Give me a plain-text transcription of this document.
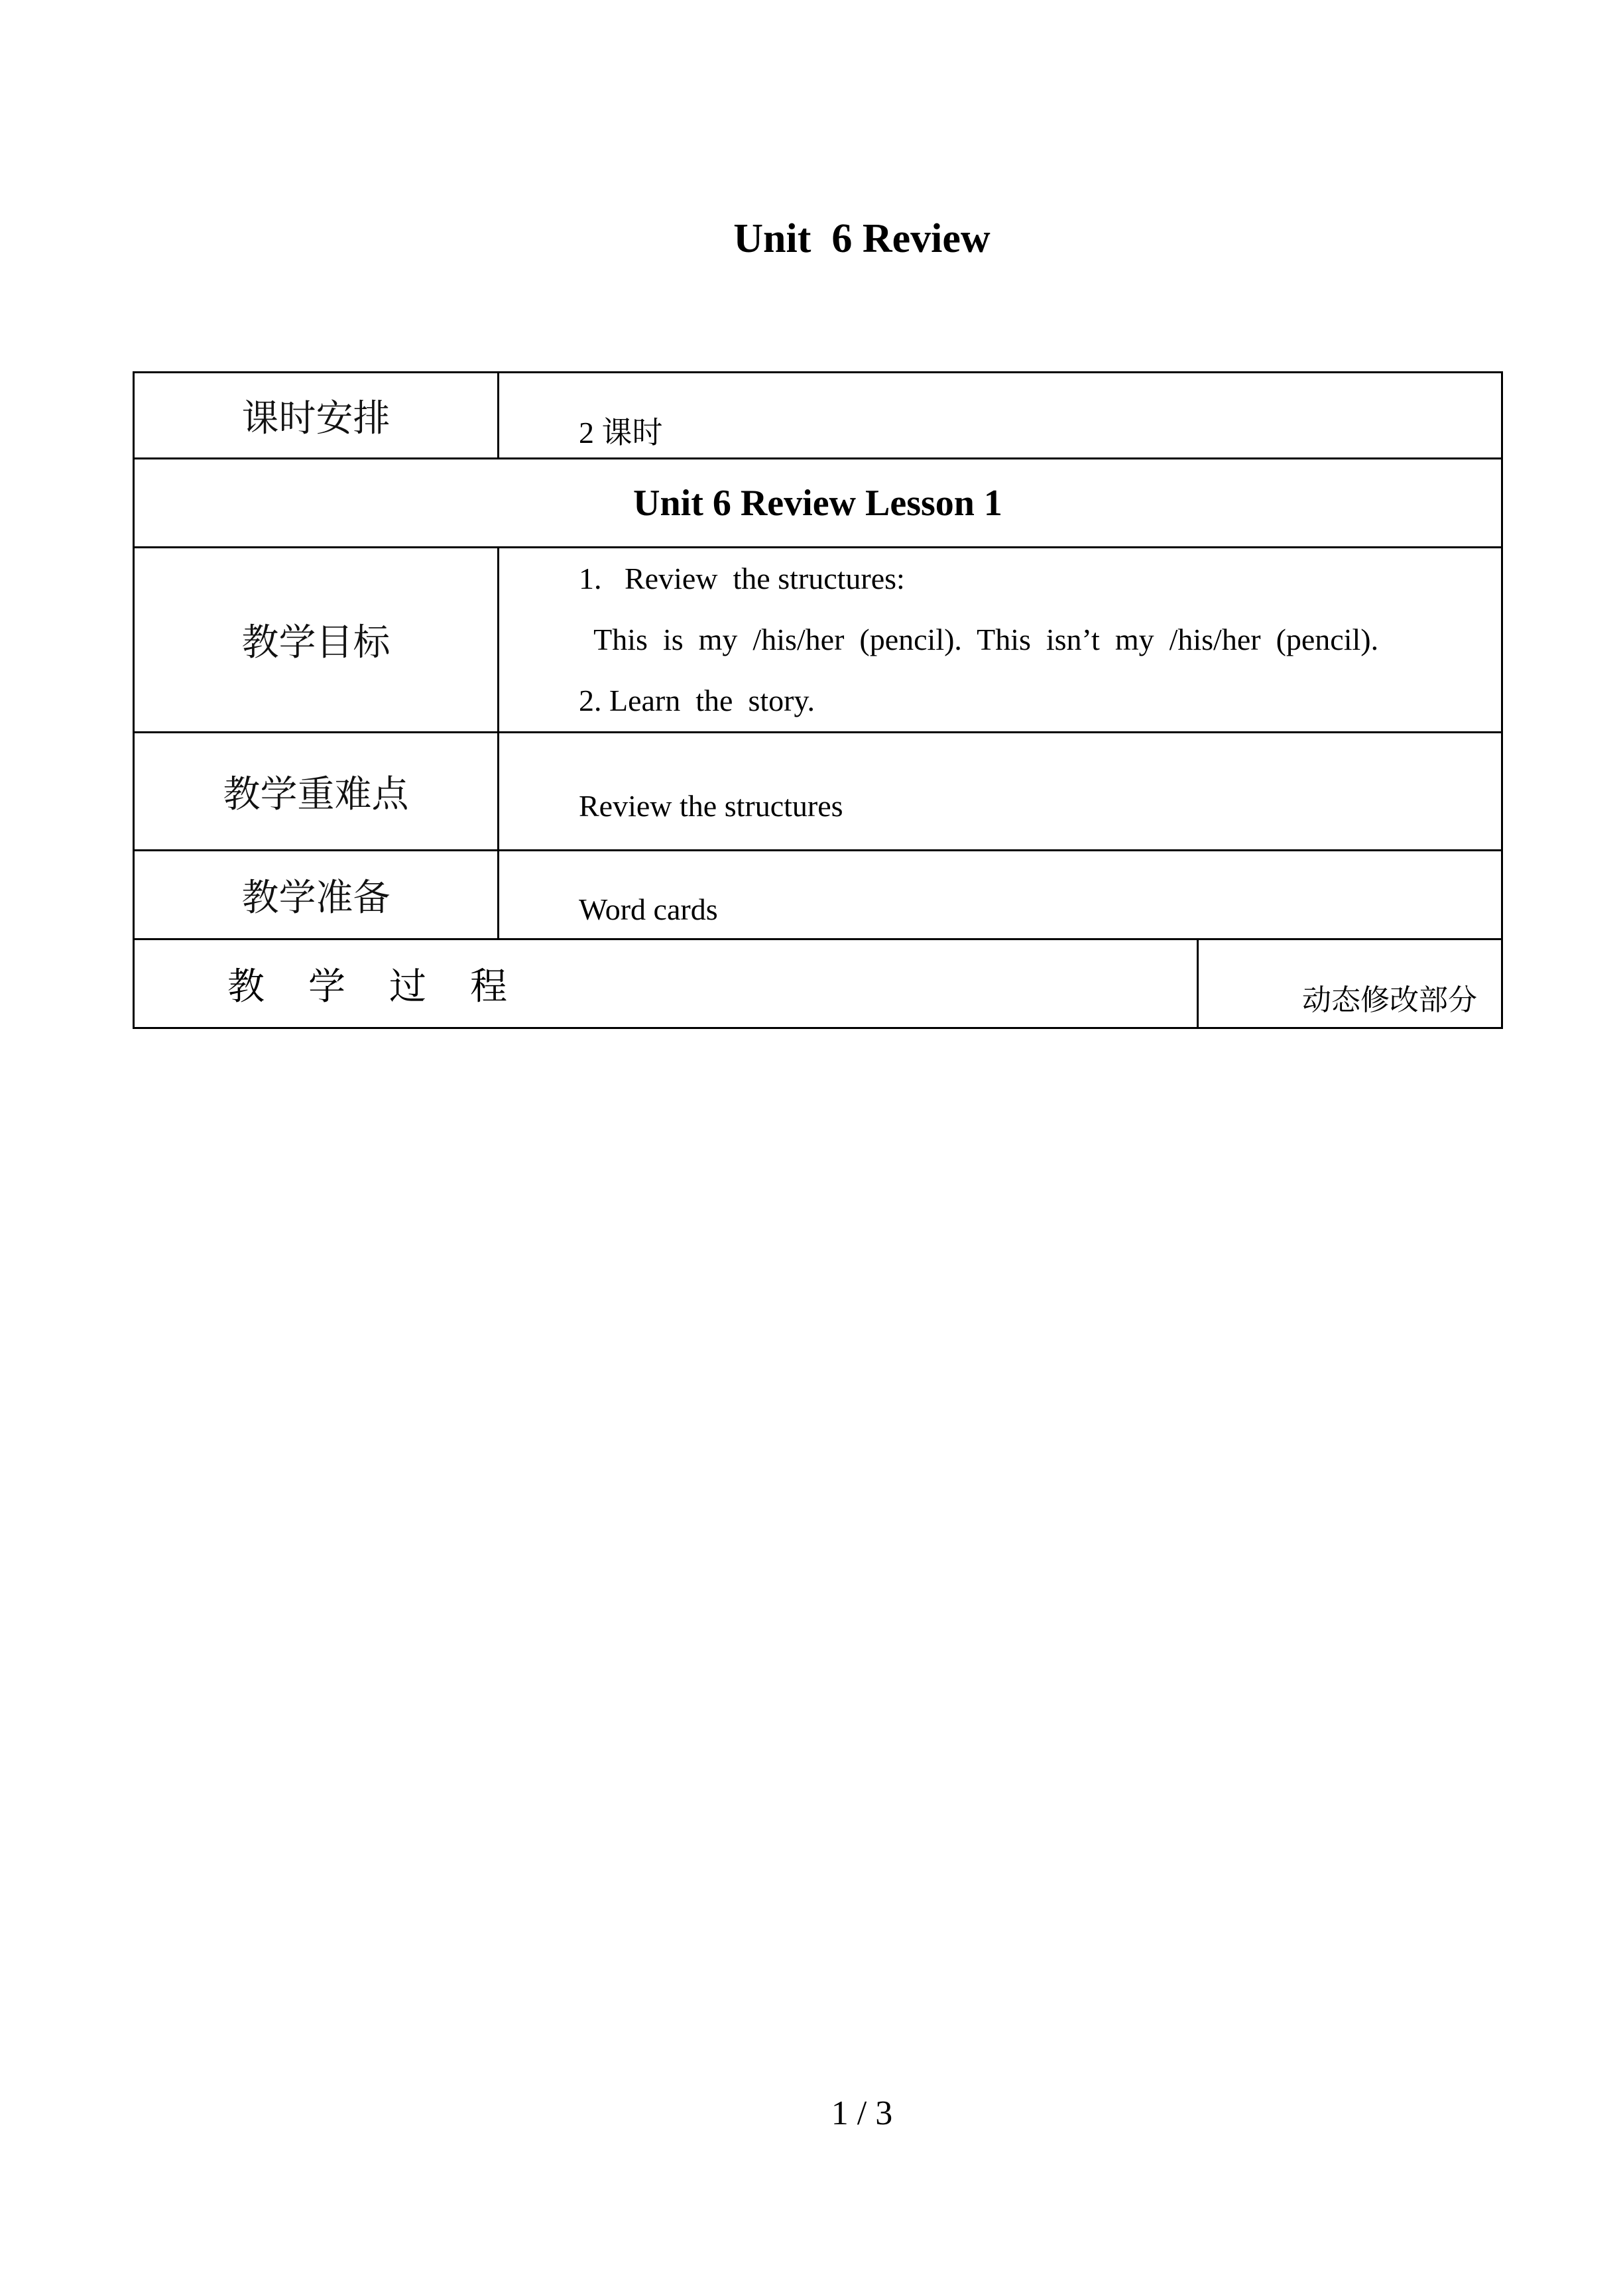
Unit  6 Review
课时安排	2 课时	
Unit 6 Review Lesson 1		
教学目标	1.   Review  the structures:
This  is  my  /his/her  (pencil).  This  isn’t  my  /his/her  (pencil).
2. Learn  the  story.	

教学重难点	Review the structures	
教学准备	Word cards	
教 学 过 程		动态修改部分
1 / 3
